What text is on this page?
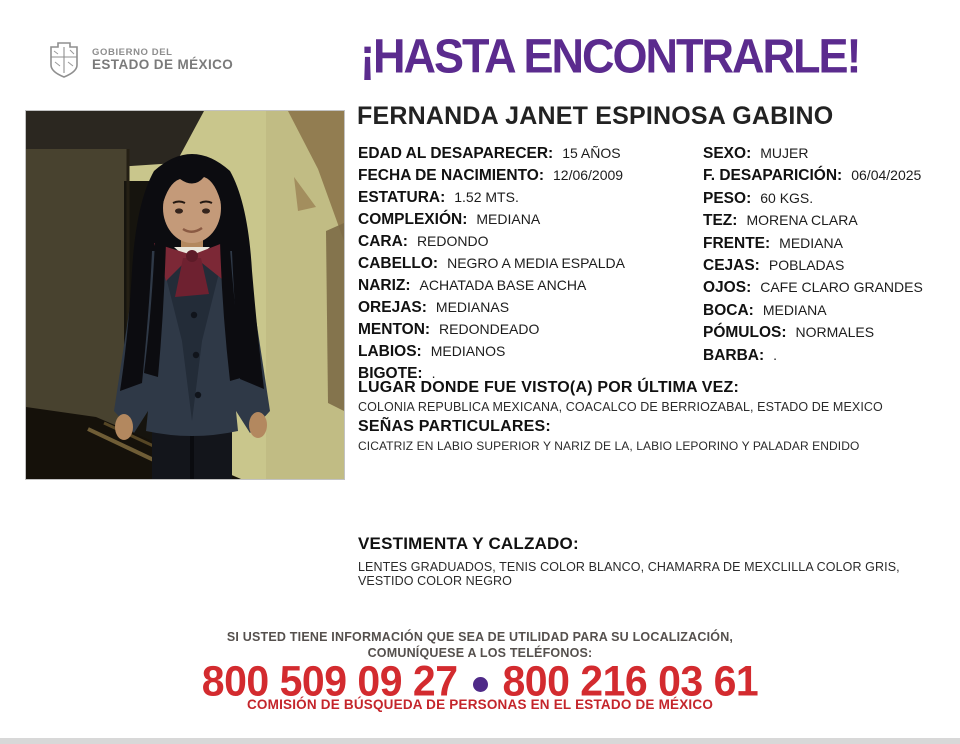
GOBIERNO DEL
ESTADO DE MÉXICO	¡HASTA ENCONTRARLE!
FERNANDA JANET ESPINOSA GABINO
EDAD AL DESAPARECER: 15 AÑOS
FECHA DE NACIMIENTO: 12/06/2009
ESTATURA: 1.52 MTS.
COMPLEXIÓN: MEDIANA
CARA: REDONDO
CABELLO: NEGRO A MEDIA ESPALDA
NARIZ: ACHATADA BASE ANCHA
OREJAS: MEDIANAS
MENTON: REDONDEADO
LABIOS: MEDIANOS
BIGOTE: .
SEXO: MUJER
F. DESAPARICIÓN: 06/04/2025
PESO: 60 KGS.
TEZ: MORENA CLARA
FRENTE: MEDIANA
CEJAS: POBLADAS
OJOS: CAFE CLARO GRANDES
BOCA: MEDIANA
PÓMULOS: NORMALES
BARBA: .
LUGAR DONDE FUE VISTO(A) POR ÚLTIMA VEZ:
COLONIA REPUBLICA MEXICANA, COACALCO DE BERRIOZABAL, ESTADO DE MEXICO
SEÑAS PARTICULARES:
CICATRIZ EN LABIO SUPERIOR Y NARIZ DE LA, LABIO LEPORINO Y PALADAR ENDIDO
VESTIMENTA Y CALZADO:
LENTES GRADUADOS, TENIS COLOR BLANCO, CHAMARRA DE MEXCLILLA COLOR GRIS, VESTIDO COLOR NEGRO
SI USTED TIENE INFORMACIÓN QUE SEA DE UTILIDAD PARA SU LOCALIZACIÓN,
COMUNÍQUESE A LOS TELÉFONOS:
800 509 09 27 800 216 03 61
COMISIÓN DE BÚSQUEDA DE PERSONAS EN EL ESTADO DE MÉXICO
